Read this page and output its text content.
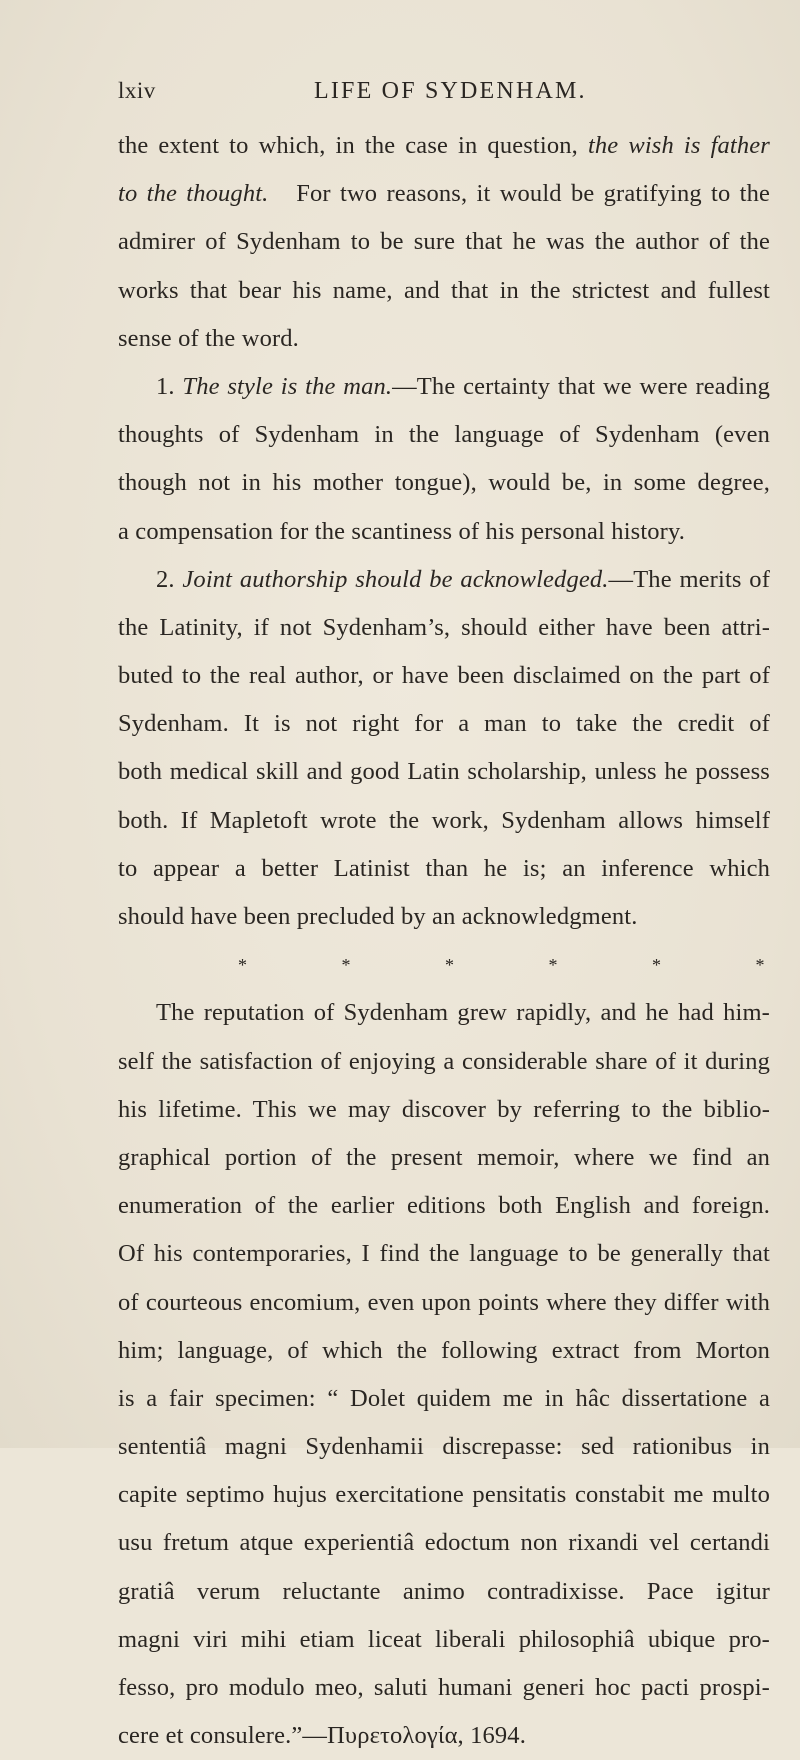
lxiv	LIFE OF SYDENHAM.
the extent to which, in the case in question, the wish is father
to the thought. For two reasons, it would be gratifying to the
admirer of Sydenham to be sure that he was the author of the
works that bear his name, and that in the strictest and fullest
sense of the word.
1. The style is the man.—The certainty that we were reading
thoughts of Sydenham in the language of Sydenham (even
though not in his mother tongue), would be, in some degree,
a compensation for the scantiness of his personal history.
2. Joint authorship should be acknowledged.—The merits of
the Latinity, if not Sydenham’s, should either have been attri-
buted to the real author, or have been disclaimed on the part of
Sydenham. It is not right for a man to take the credit of
both medical skill and good Latin scholarship, unless he possess
both. If Mapletoft wrote the work, Sydenham allows himself
to appear a better Latinist than he is; an inference which
should have been precluded by an acknowledgment.
* * * * * *
The reputation of Sydenham grew rapidly, and he had him-
self the satisfaction of enjoying a considerable share of it during
his lifetime. This we may discover by referring to the biblio-
graphical portion of the present memoir, where we find an
enumeration of the earlier editions both English and foreign.
Of his contemporaries, I find the language to be generally that
of courteous encomium, even upon points where they differ with
him; language, of which the following extract from Morton
is a fair specimen: “ Dolet quidem me in hâc dissertatione a
sententiâ magni Sydenhamii discrepasse: sed rationibus in
capite septimo hujus exercitatione pensitatis constabit me multo
usu fretum atque experientiâ edoctum non rixandi vel certandi
gratiâ verum reluctante animo contradixisse. Pace igitur
magni viri mihi etiam liceat liberali philosophiâ ubique pro-
fesso, pro modulo meo, saluti humani generi hoc pacti prospi-
cere et consulere.”—Πυρετολογία, 1694.
